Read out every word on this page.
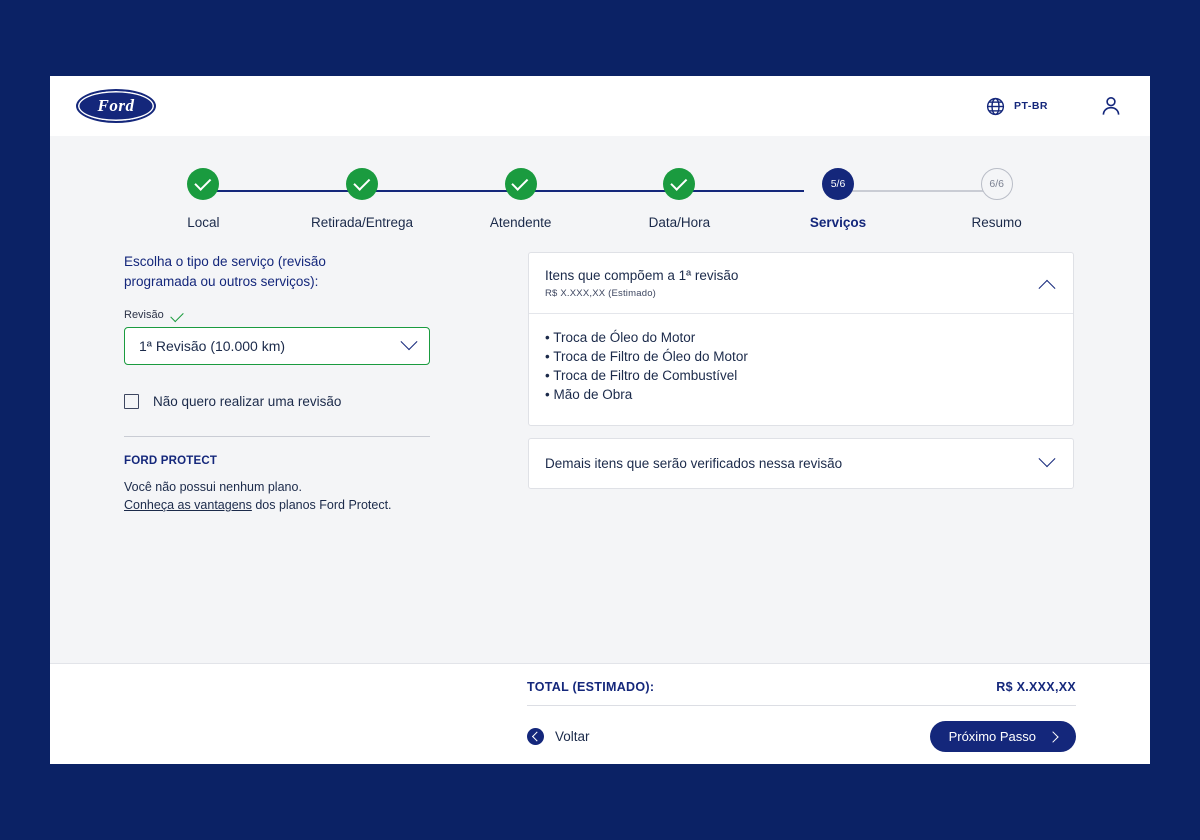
Ford	PT-BR
Local	Retirada/Entrega	Atendente	Data/Hora
5/6
Serviços
6/6
Resumo
Escolha o tipo de serviço (revisão programada ou outros serviços):
Revisão
1ª Revisão (10.000 km)
Não quero realizar uma revisão
FORD PROTECT
Você não possui nenhum plano.
Conheça as vantagens dos planos Ford Protect.
Itens que compõem a 1ª revisão
R$ X.XXX,XX (Estimado)
• Troca de Óleo do Motor
• Troca de Filtro de Óleo do Motor
• Troca de Filtro de Combustível
• Mão de Obra
Demais itens que serão verificados nessa revisão
TOTAL (ESTIMADO):	R$ X.XXX,XX
Voltar	Próximo Passo
